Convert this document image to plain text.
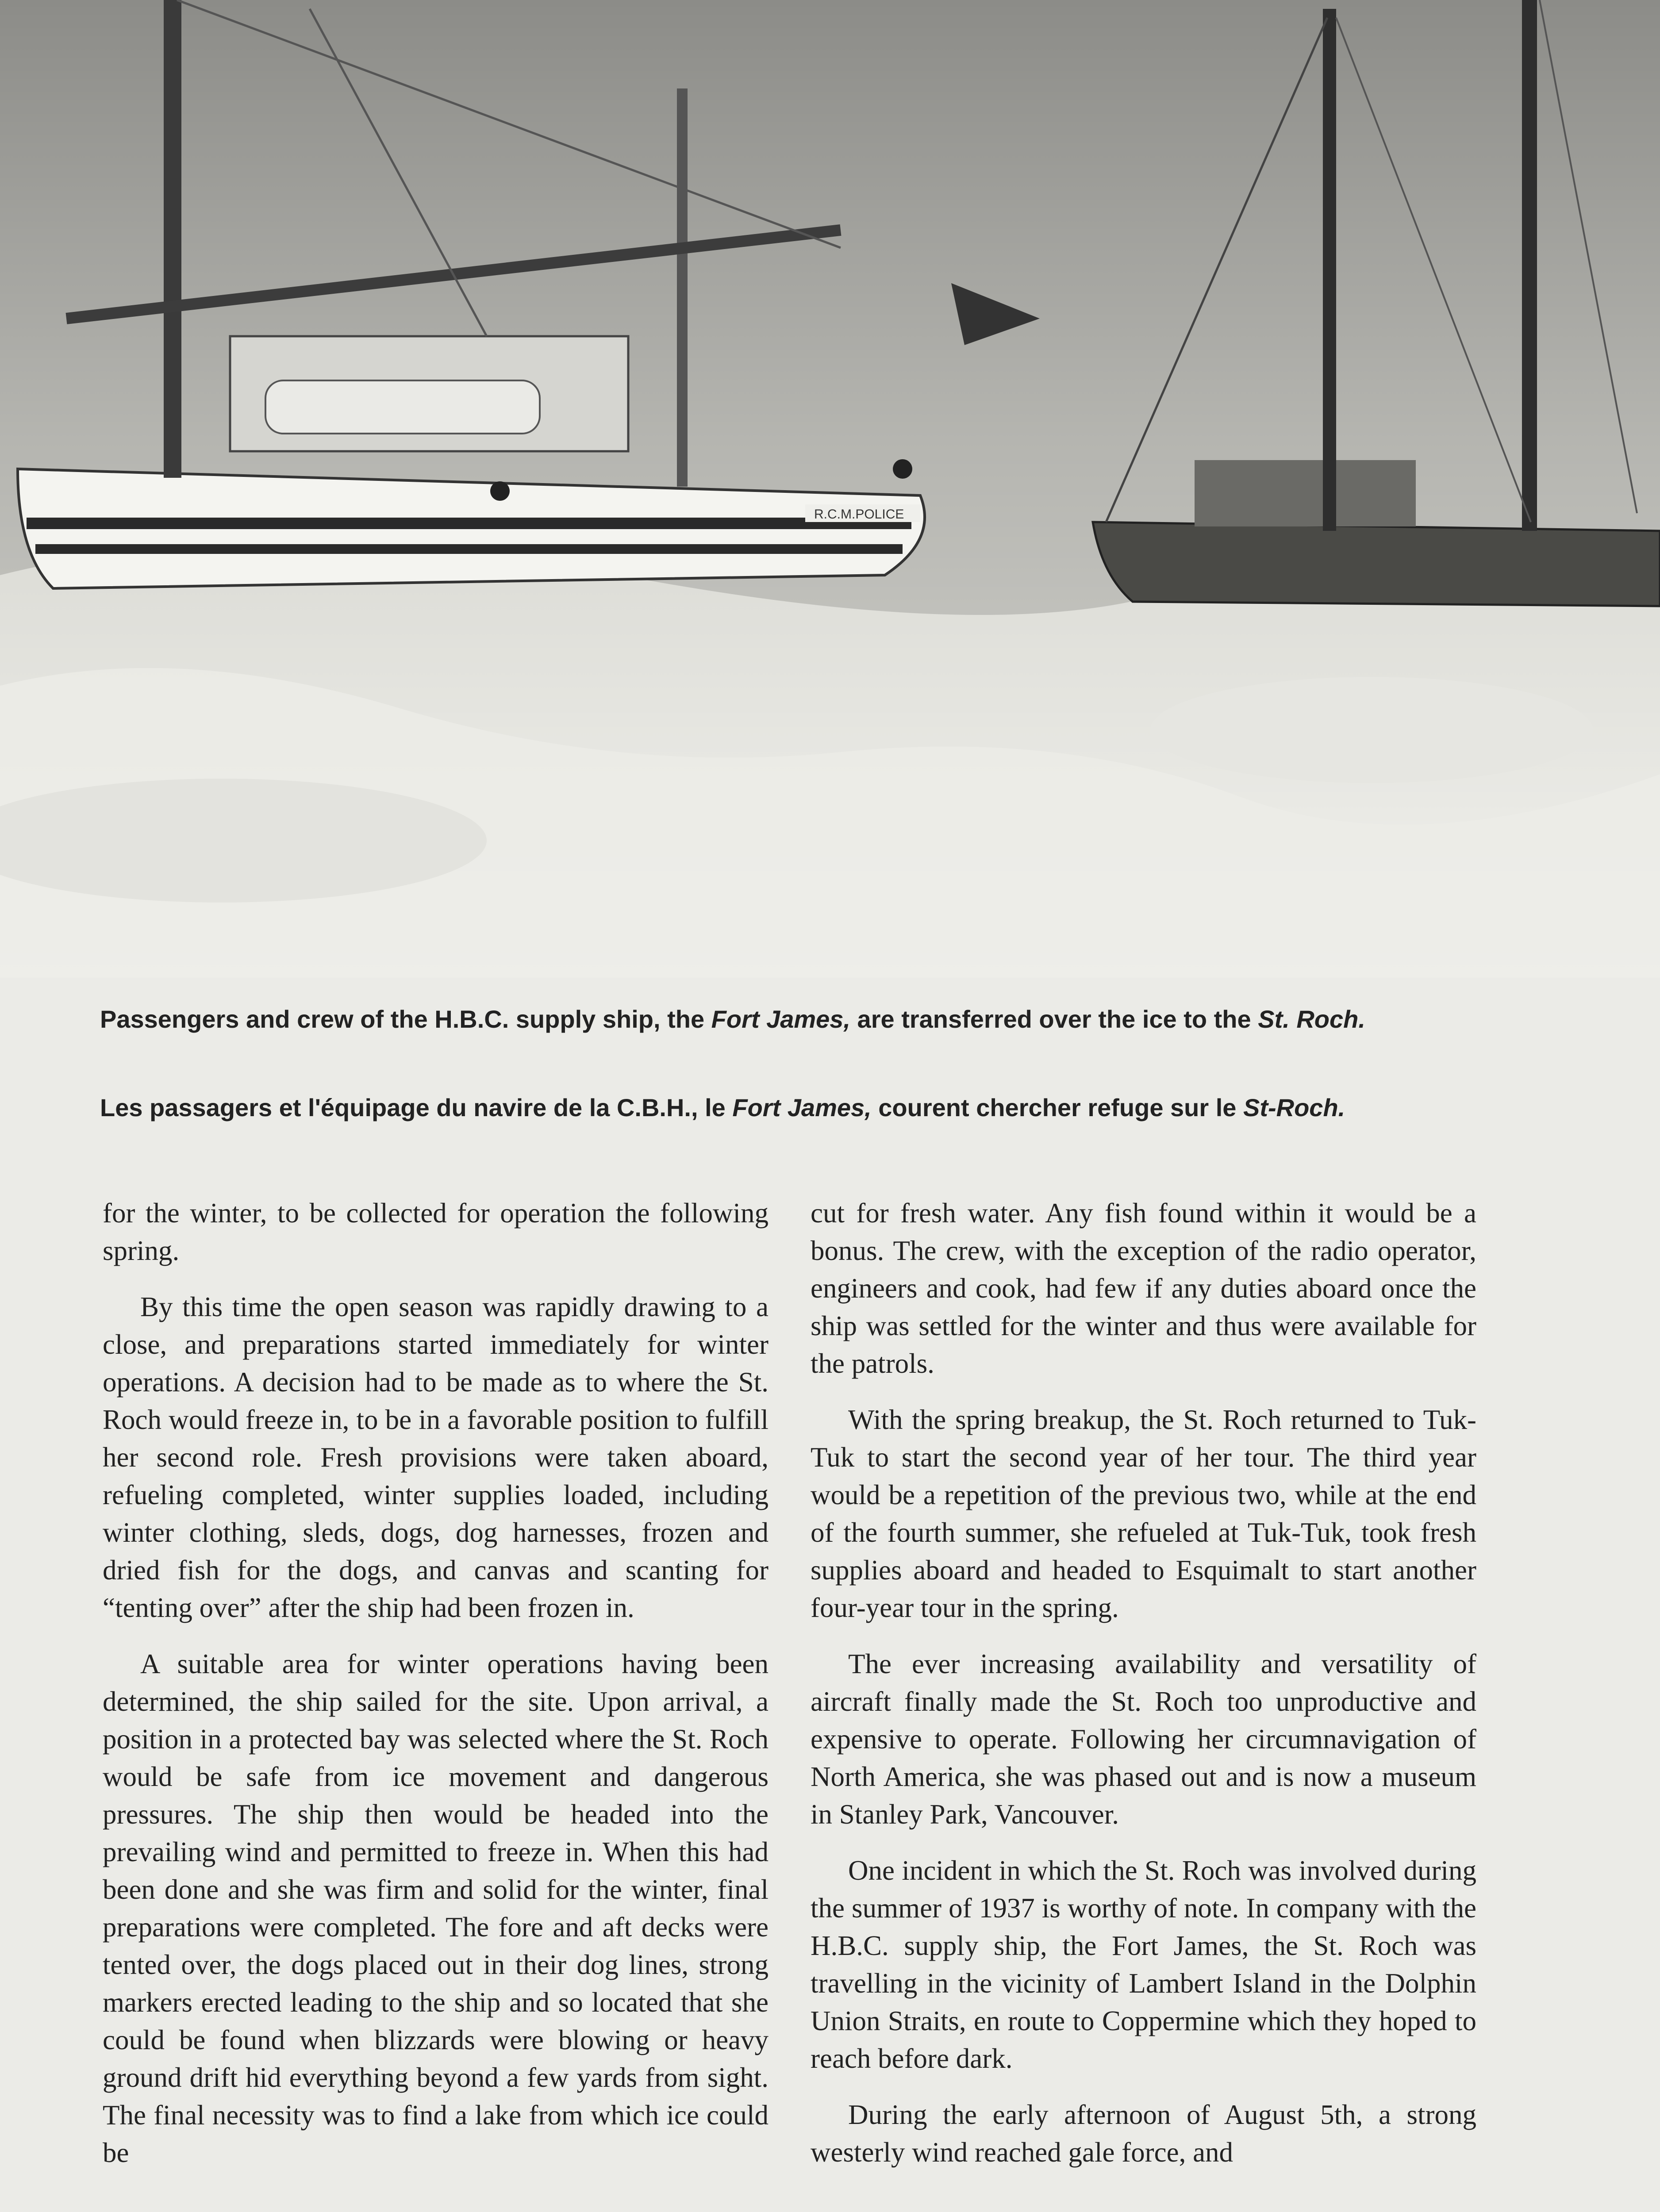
R.C.M.POLICE

Passengers and crew of the H.B.C. supply ship, the Fort James, are transferred over the ice to the St. Roch.

Les passagers et l'équipage du navire de la C.B.H., le Fort James, courent chercher refuge sur le St-Roch.

for the winter, to be collected for operation the following spring.

By this time the open season was rapidly drawing to a close, and preparations started immediately for winter operations. A decision had to be made as to where the St. Roch would freeze in, to be in a favorable position to fulfill her second role. Fresh provisions were taken aboard, refueling completed, winter supplies loaded, including winter clothing, sleds, dogs, dog harnesses, frozen and dried fish for the dogs, and canvas and scanting for “tenting over” after the ship had been frozen in.

A suitable area for winter operations having been determined, the ship sailed for the site. Upon arrival, a position in a protected bay was selected where the St. Roch would be safe from ice movement and dangerous pressures. The ship then would be headed into the prevailing wind and permitted to freeze in. When this had been done and she was firm and solid for the winter, final preparations were completed. The fore and aft decks were tented over, the dogs placed out in their dog lines, strong markers erected leading to the ship and so located that she could be found when blizzards were blowing or heavy ground drift hid everything beyond a few yards from sight. The final necessity was to find a lake from which ice could be

cut for fresh water. Any fish found within it would be a bonus. The crew, with the exception of the radio operator, engineers and cook, had few if any duties aboard once the ship was settled for the winter and thus were available for the patrols.

With the spring breakup, the St. Roch returned to Tuk-Tuk to start the second year of her tour. The third year would be a repetition of the previous two, while at the end of the fourth summer, she refueled at Tuk-Tuk, took fresh supplies aboard and headed to Esquimalt to start another four-year tour in the spring.

The ever increasing availability and versatility of aircraft finally made the St. Roch too unproductive and expensive to operate. Following her circumnavigation of North America, she was phased out and is now a museum in Stanley Park, Vancouver.

One incident in which the St. Roch was involved during the summer of 1937 is worthy of note. In company with the H.B.C. supply ship, the Fort James, the St. Roch was travelling in the vicinity of Lambert Island in the Dolphin Union Straits, en route to Coppermine which they hoped to reach before dark.

During the early afternoon of August 5th, a strong westerly wind reached gale force, and
